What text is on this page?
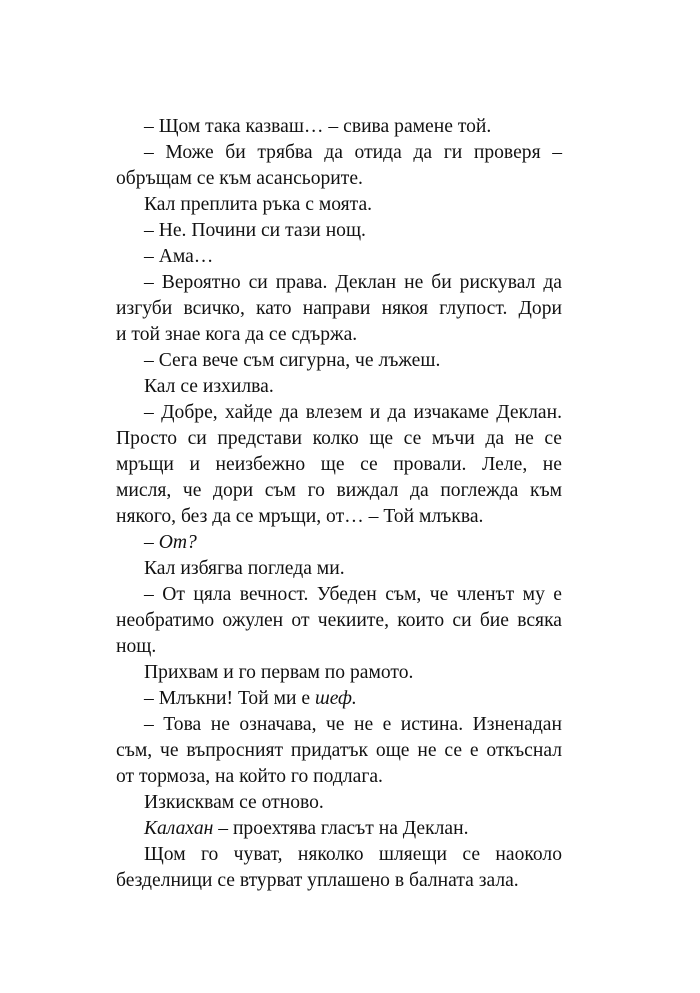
– Щом така казваш… – свива рамене той.
– Може би трябва да отида да ги проверя –
обръщам се към асансьорите.
Кал преплита ръка с моята.
– Не. Почини си тази нощ.
– Ама…
– Вероятно си права. Деклан не би рискувал да
изгуби всичко, като направи някоя глупост. Дори
и той знае кога да се сдържа.
– Сега вече съм сигурна, че лъжеш.
Кал се изхилва.
– Добре, хайде да влезем и да изчакаме Деклан.
Просто си представи колко ще се мъчи да не се
мръщи и неизбежно ще се провали. Леле, не
мисля, че дори съм го виждал да поглежда към
някого, без да се мръщи, от… – Той млъква.
– От?
Кал избягва погледа ми.
– От цяла вечност. Убеден съм, че членът му е
необратимо ожулен от чекиите, които си бие всяка
нощ.
Прихвам и го первам по рамото.
– Млъкни! Той ми е шеф.
– Това не означава, че не е истина. Изненадан
съм, че въпросният придатък още не се е откъснал
от тормоза, на който го подлага.
Изкисквам се отново.
Калахан – проехтява гласът на Деклан.
Щом го чуват, няколко шляещи се наоколо
безделници се втурват уплашено в балната зала.
